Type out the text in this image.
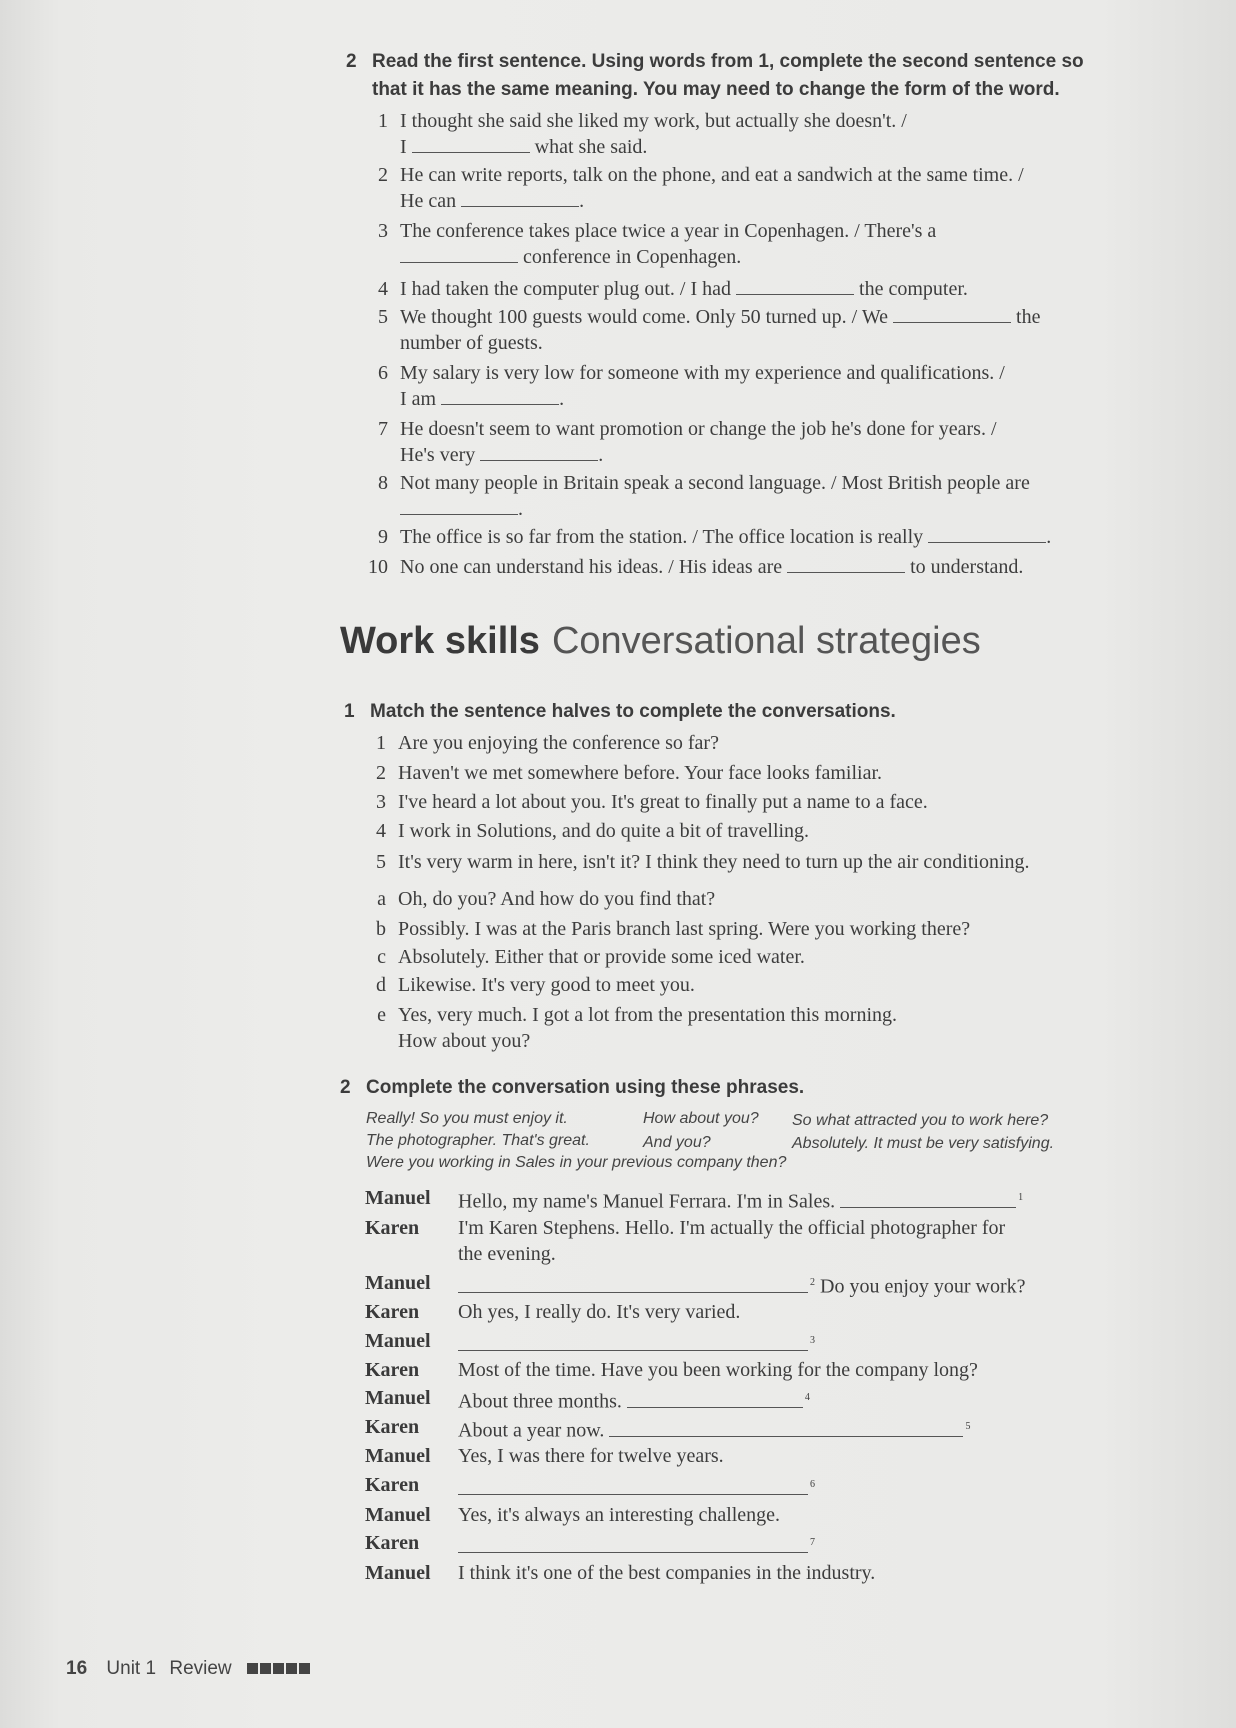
2 Read the first sentence. Using words from 1, complete the second sentence so
that it has the same meaning. You may need to change the form of the word.
1 I thought she said she liked my work, but actually she doesn't. /
I	what she said.
2 He can write reports, talk on the phone, and eat a sandwich at the same time. /
He can	.
3 The conference takes place twice a year in Copenhagen. / There's a
conference in Copenhagen.
4 I had taken the computer plug out. / I had	the computer.
5 We thought 100 guests would come. Only 50 turned up. / We	the
number of guests.
6 My salary is very low for someone with my experience and qualifications. /
I am	.
7 He doesn't seem to want promotion or change the job he's done for years. /
He's very	.
8 Not many people in Britain speak a second language. / Most British people are
.
9 The office is so far from the station. / The office location is really	.
10 No one can understand his ideas. / His ideas are	to understand.
Work skills Conversational strategies
1 Match the sentence halves to complete the conversations.
1 Are you enjoying the conference so far?
2 Haven't we met somewhere before. Your face looks familiar.
3 I've heard a lot about you. It's great to finally put a name to a face.
4 I work in Solutions, and do quite a bit of travelling.
5 It's very warm in here, isn't it? I think they need to turn up the air conditioning.
a Oh, do you? And how do you find that?
b Possibly. I was at the Paris branch last spring. Were you working there?
c Absolutely. Either that or provide some iced water.
d Likewise. It's very good to meet you.
e Yes, very much. I got a lot from the presentation this morning.
How about you?
2 Complete the conversation using these phrases.
Really! So you must enjoy it.	How about you? So what attracted you to work here?
The photographer. That's great.	And you?	Absolutely. It must be very satisfying.
Were you working in Sales in your previous company then?
Manuel Hello, my name's Manuel Ferrara. I'm in Sales.	$^1$
Karen I'm Karen Stephens. Hello. I'm actually the official photographer for
the evening.
Manuel	$^2$ Do you enjoy your work?
Karen Oh yes, I really do. It's very varied.
Manuel	$^3$
Karen Most of the time. Have you been working for the company long?
Manuel About three months.	$^4$
Karen About a year now.	$^5$
Manuel Yes, I was there for twelve years.
Karen	$^6$
Manuel Yes, it's always an interesting challenge.
Karen	$^7$
Manuel I think it's one of the best companies in the industry.
16 Unit 1 Review
